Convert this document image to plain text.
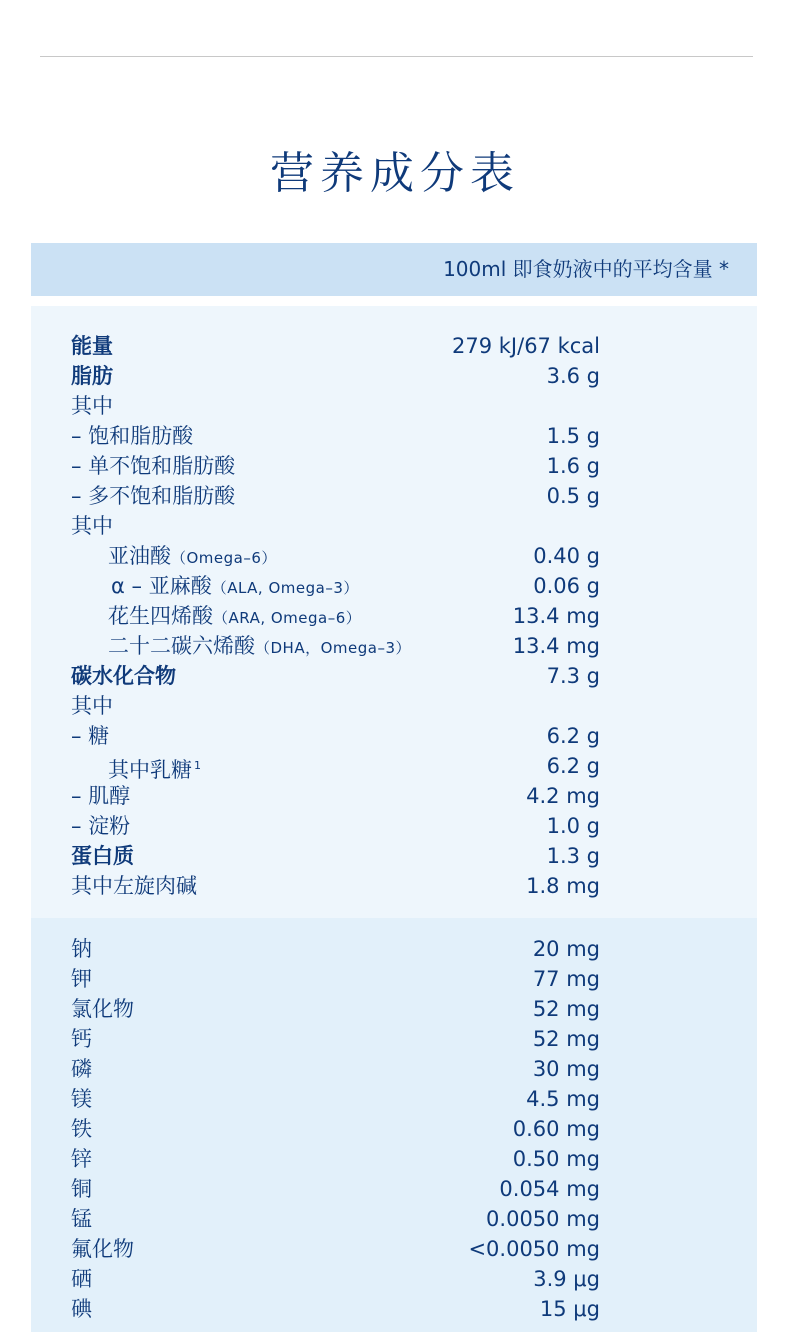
营养成分表
100ml 即食奶液中的平均含量 *
能量	279 kJ/67 kcal
脂肪	3.6 g
其中
– 饱和脂肪酸	1.5 g
– 单不饱和脂肪酸	1.6 g
– 多不饱和脂肪酸	0.5 g
其中
亚油酸（Omega–6）	0.40 g
α – 亚麻酸（ALA, Omega–3）	0.06 g
花生四烯酸（ARA, Omega–6）	13.4 mg
二十二碳六烯酸（DHA，Omega–3）	13.4 mg
碳水化合物	7.3 g
其中
– 糖	6.2 g
其中乳糖 $^1$	6.2 g
– 肌醇	4.2 mg
– 淀粉	1.0 g
蛋白质	1.3 g
其中左旋肉碱	1.8 mg
钠	20 mg
钾	77 mg
氯化物	52 mg
钙	52 mg
磷	30 mg
镁	4.5 mg
铁	0.60 mg
锌	0.50 mg
铜	0.054 mg
锰	0.0050 mg
氟化物	<0.0050 mg
硒	3.9 μg
碘	15 μg
